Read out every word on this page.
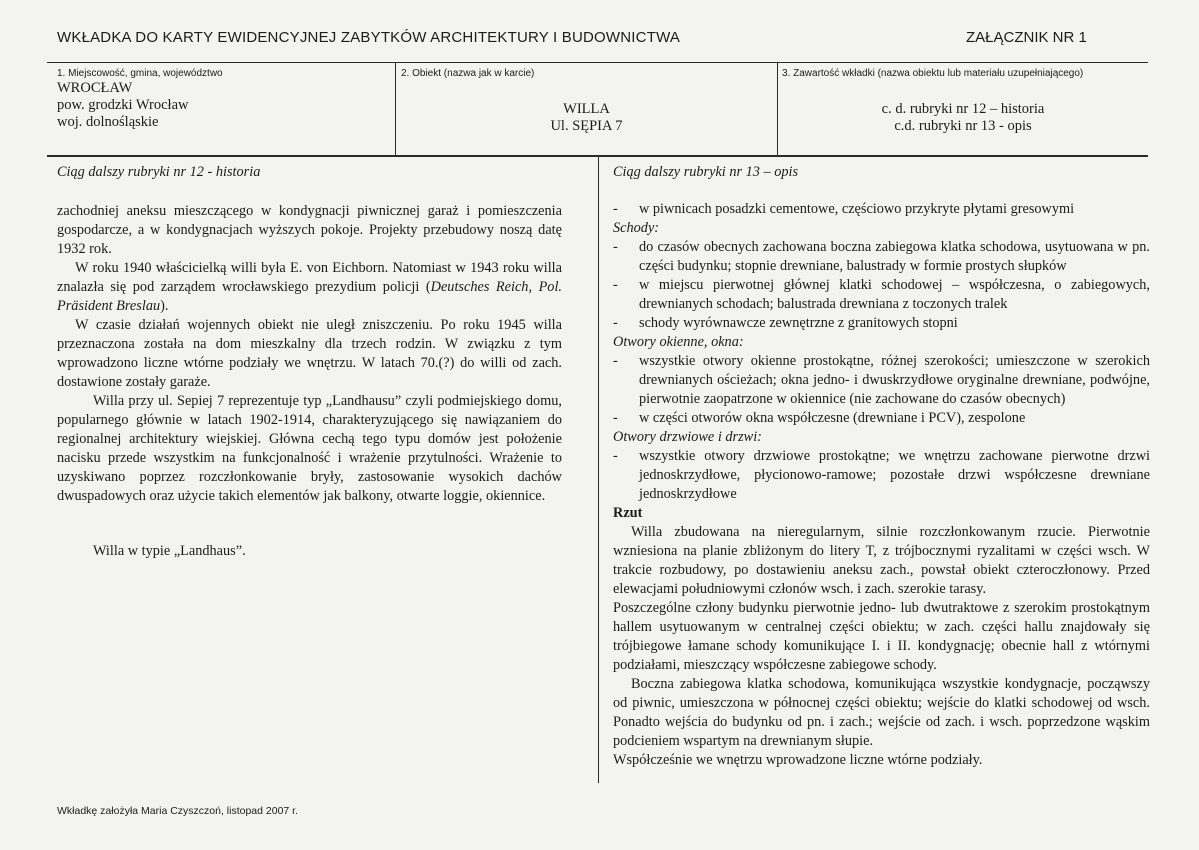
WKŁADKA DO KARTY EWIDENCYJNEJ ZABYTKÓW ARCHITEKTURY I BUDOWNICTWA	ZAŁĄCZNIK NR 1
1. Miejscowość, gmina, województwo
WROCŁAW
pow. grodzki Wrocław
woj. dolnośląskie
2. Obiekt (nazwa jak w karcie)
WILLA
Ul. SĘPIA 7
3. Zawartość wkładki (nazwa obiektu lub materiału uzupełniającego)
c. d. rubryki nr 12 – historia
c.d. rubryki nr 13 - opis
Ciąg dalszy rubryki nr 12 - historia

zachodniej aneksu mieszczącego w kondygnacji piwnicznej garaż i pomieszczenia gospodarcze, a w kondygnacjach wyższych pokoje. Projekty przebudowy noszą datę 1932 rok.

W roku 1940 właścicielką willi była E. von Eichborn. Natomiast w 1943 roku willa znalazła się pod zarządem wrocławskiego prezydium policji (Deutsches Reich, Pol. Präsident Breslau).

W czasie działań wojennych obiekt nie uległ zniszczeniu. Po roku 1945 willa przeznaczona została na dom mieszkalny dla trzech rodzin. W związku z tym wprowadzono liczne wtórne podziały we wnętrzu. W latach 70.(?) do willi od zach. dostawione zostały garaże.

Willa przy ul. Sepiej 7 reprezentuje typ „Landhausu” czyli podmiejskiego domu, popularnego głównie w latach 1902-1914, charakteryzującego się nawiązaniem do regionalnej architektury wiejskiej. Główna cechą tego typu domów jest położenie nacisku przede wszystkim na funkcjonalność i wrażenie przytulności. Wrażenie to uzyskiwano poprzez rozczłonkowanie bryły, zastosowanie wysokich dachów dwuspadowych oraz użycie takich elementów jak balkony, otwarte loggie, okiennice.

Willa w typie „Landhaus”.
Ciąg dalszy rubryki nr 13 – opis

- w piwnicach posadzki cementowe, częściowo przykryte płytami gresowymi

Schody:

- do czasów obecnych zachowana boczna zabiegowa klatka schodowa, usytuowana w pn. części budynku; stopnie drewniane, balustrady w formie prostych słupków

- w miejscu pierwotnej głównej klatki schodowej – współczesna, o zabiegowych, drewnianych schodach; balustrada drewniana z toczonych tralek

- schody wyrównawcze zewnętrzne z granitowych stopni

Otwory okienne, okna:

- wszystkie otwory okienne prostokątne, różnej szerokości; umieszczone w szerokich drewnianych ościeżach; okna jedno- i dwuskrzydłowe oryginalne drewniane, podwójne, pierwotnie zaopatrzone w okiennice (nie zachowane do czasów obecnych)

- w części otworów okna współczesne (drewniane i PCV), zespolone

Otwory drzwiowe i drzwi:

- wszystkie otwory drzwiowe prostokątne; we wnętrzu zachowane pierwotne drzwi jednoskrzydłowe, płycionowo-ramowe; pozostałe drzwi współczesne drewniane jednoskrzydłowe

Rzut

Willa zbudowana na nieregularnym, silnie rozczłonkowanym rzucie. Pierwotnie wzniesiona na planie zbliżonym do litery T, z trójbocznymi ryzalitami w części wsch. W trakcie rozbudowy, po dostawieniu aneksu zach., powstał obiekt czteroczłonowy. Przed elewacjami południowymi członów wsch. i zach. szerokie tarasy.

Poszczególne człony budynku pierwotnie jedno- lub dwutraktowe z szerokim prostokątnym hallem usytuowanym w centralnej części obiektu; w zach. części hallu znajdowały się trójbiegowe łamane schody komunikujące I. i II. kondygnację; obecnie hall z wtórnymi podziałami, mieszczący współczesne zabiegowe schody.

Boczna zabiegowa klatka schodowa, komunikująca wszystkie kondygnacje, począwszy od piwnic, umieszczona w północnej części obiektu; wejście do klatki schodowej od wsch. Ponadto wejścia do budynku od pn. i zach.; wejście od zach. i wsch. poprzedzone wąskim podcieniem wspartym na drewnianym słupie.

Współcześnie we wnętrzu wprowadzone liczne wtórne podziały.

Wkładkę założyła Maria Czyszczoń, listopad 2007 r.
